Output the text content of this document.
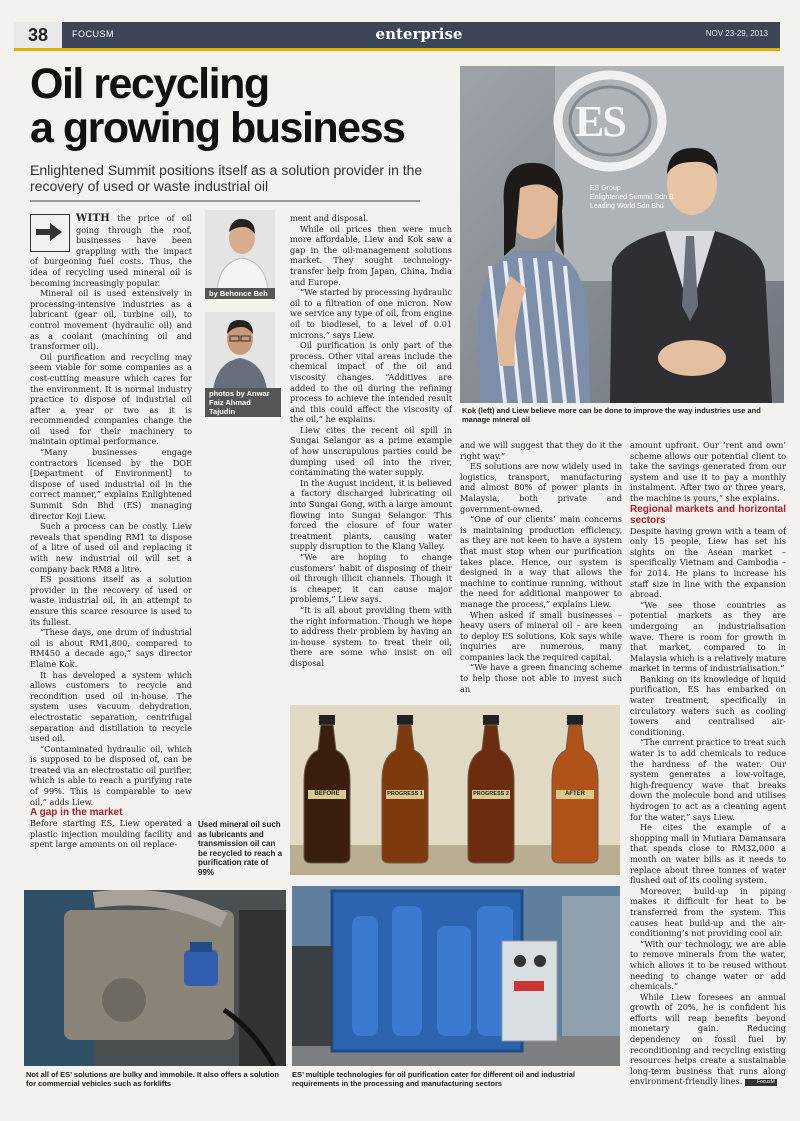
38	FOCUSM	enterprise	NOV 23-29, 2013
Oil recycling
a growing business

Enlightened Summit positions itself as a solution provider in the recovery of used or waste industrial oil

ES
ES Group
Enlightened Summit Sdn B
Leading World Sdn Bhd
Kok (left) and Liew believe more can be done to improve the way industries use and manage mineral oil
by Behonce Beh
photos by Anwar Faiz Ahmad Tajudin

WITH the price of oil going through the roof, businesses have been grappling with the impact of burgeoning fuel costs. Thus, the idea of recycling used mineral oil is becoming increasingly popular.

Mineral oil is used extensively in processing-intensive industries as a lubricant (gear oil, turbine oil), to control movement (hydraulic oil) and as a coolant (machining oil and transformer oil).

Oil purification and recycling may seem viable for some companies as a cost-cutting measure which cares for the environment. It is normal industry practice to dispose of industrial oil after a year or two as it is recommended companies change the oil used for their machinery to maintain optimal performance.

“Many businesses engage contractors licensed by the DOE [Department of Environment] to dispose of used industrial oil in the correct manner,” explains Enlightened Summit Sdn Bhd (ES) managing director Koji Liew.

Such a process can be costly. Liew reveals that spending RM1 to dispose of a litre of used oil and replacing it with new industrial oil will set a company back RM8 a litre.

ES positions itself as a solution provider in the recovery of used or waste industrial oil, in an attempt to ensure this scarce resource is used to its fullest.

“These days, one drum of industrial oil is about RM1,800, compared to RM450 a decade ago,” says director Elaine Kok.

It has developed a system which allows customers to recycle and recondition used oil in-house. The system uses vacuum dehydration, electrostatic separation, centrifugal separation and distillation to recycle used oil.

“Contaminated hydraulic oil, which is supposed to be disposed of, can be treated via an electrostatic oil purifier, which is able to reach a purifying rate of 99%. This is comparable to new oil,” adds Liew.

A gap in the market

Before starting ES, Liew operated a plastic injection moulding facility and spent large amounts on oil replace-

ment and disposal.

While oil prices then were much more affordable, Liew and Kok saw a gap in the oil-management solutions market. They sought technology-transfer help from Japan, China, India and Europe.

“We started by processing hydraulic oil to a filtration of one micron. Now we service any type of oil, from engine oil to biodiesel, to a level of 0.01 microns,” says Liew.

Oil purification is only part of the process. Other vital areas include the chemical impact of the oil and viscosity changes. “Additives are added to the oil during the refining process to achieve the intended result and this could affect the viscosity of the oil,” he explains.

Liew cites the recent oil spill in Sungai Selangor as a prime example of how unscrupulous parties could be dumping used oil into the river, contaminating the water supply.

In the August incident, it is believed a factory discharged lubricating oil into Sungai Gong, with a large amount flowing into Sungai Selangor. This forced the closure of four water treatment plants, causing water supply disruption to the Klang Valley.

“We are hoping to change customers’ habit of disposing of their oil through illicit channels. Though it is cheaper, it can cause major problems,” Liew says.

“It is all about providing them with the right information. Though we hope to address their problem by having an in-house system to treat their oil, there are some who insist on oil disposal

and we will suggest that they do it the right way.”

ES solutions are now widely used in logistics, transport, manufacturing and almost 80% of power plants in Malaysia, both private and government-owned.

“One of our clients’ main concerns is maintaining production efficiency, as they are not keen to have a system that must stop when our purification takes place. Hence, our system is designed in a way that allows the machine to continue running, without the need for additional manpower to manage the process,” explains Liew.

When asked if small businesses – heavy users of mineral oil – are keen to deploy ES solutions, Kok says while inquiries are numerous, many companies lack the required capital.

“We have a green financing scheme to help those not able to invest such an

amount upfront. Our ‘rent and own’ scheme allows our potential client to take the savings generated from our system and use it to pay a monthly instalment. After two or three years, the machine is yours,” she explains.

Regional markets and horizontal sectors

Despite having grown with a team of only 15 people, Liew has set his sights on the Asean market – specifically Vietnam and Cambodia – for 2014. He plans to increase his staff size in line with the expansion abroad.

“We see those countries as potential markets as they are undergoing an industrialisation wave. There is room for growth in that market, compared to in Malaysia which is a relatively mature market in terms of industrialisation.”

Banking on its knowledge of liquid purification, ES has embarked on water treatment, specifically in circulatory waters such as cooling towers and centralised air-conditioning.

“The current practice to treat such water is to add chemicals to reduce the hardness of the water. Our system generates a low-voltage, high-frequency wave that breaks down the molecule bond and utilises hydrogen to act as a cleaning agent for the water,” says Liew.

He cites the example of a shopping mall in Mutiara Damansara that spends close to RM32,000 a month on water bills as it needs to replace about three tonnes of water flushed out of its cooling system.

Moreover, build-up in piping makes it difficult for heat to be transferred from the system. This causes heat build-up and the air-conditioning’s not providing cool air.

“With our technology, we are able to remove minerals from the water, which allows it to be reused without needing to change water or add chemicals.”

While Liew foresees an annual growth of 20%, he is confident his efforts will reap benefits beyond monetary gain. Reducing dependency on fossil fuel by reconditioning and recycling existing resources helps create a sustainable long-term business that runs along environment-friendly lines.	FocusM

BEFORE	PROGRESS 1	PROGRESS 2	AFTER
Used mineral oil such as lubricants and transmission oil can be recycled to reach a purification rate of 99%
Not all of ES’ solutions are bulky and immobile. It also offers a solution for commercial vehicles such as forklifts
ES’ multiple technologies for oil purification cater for different oil and industrial requirements in the processing and manufacturing sectors
